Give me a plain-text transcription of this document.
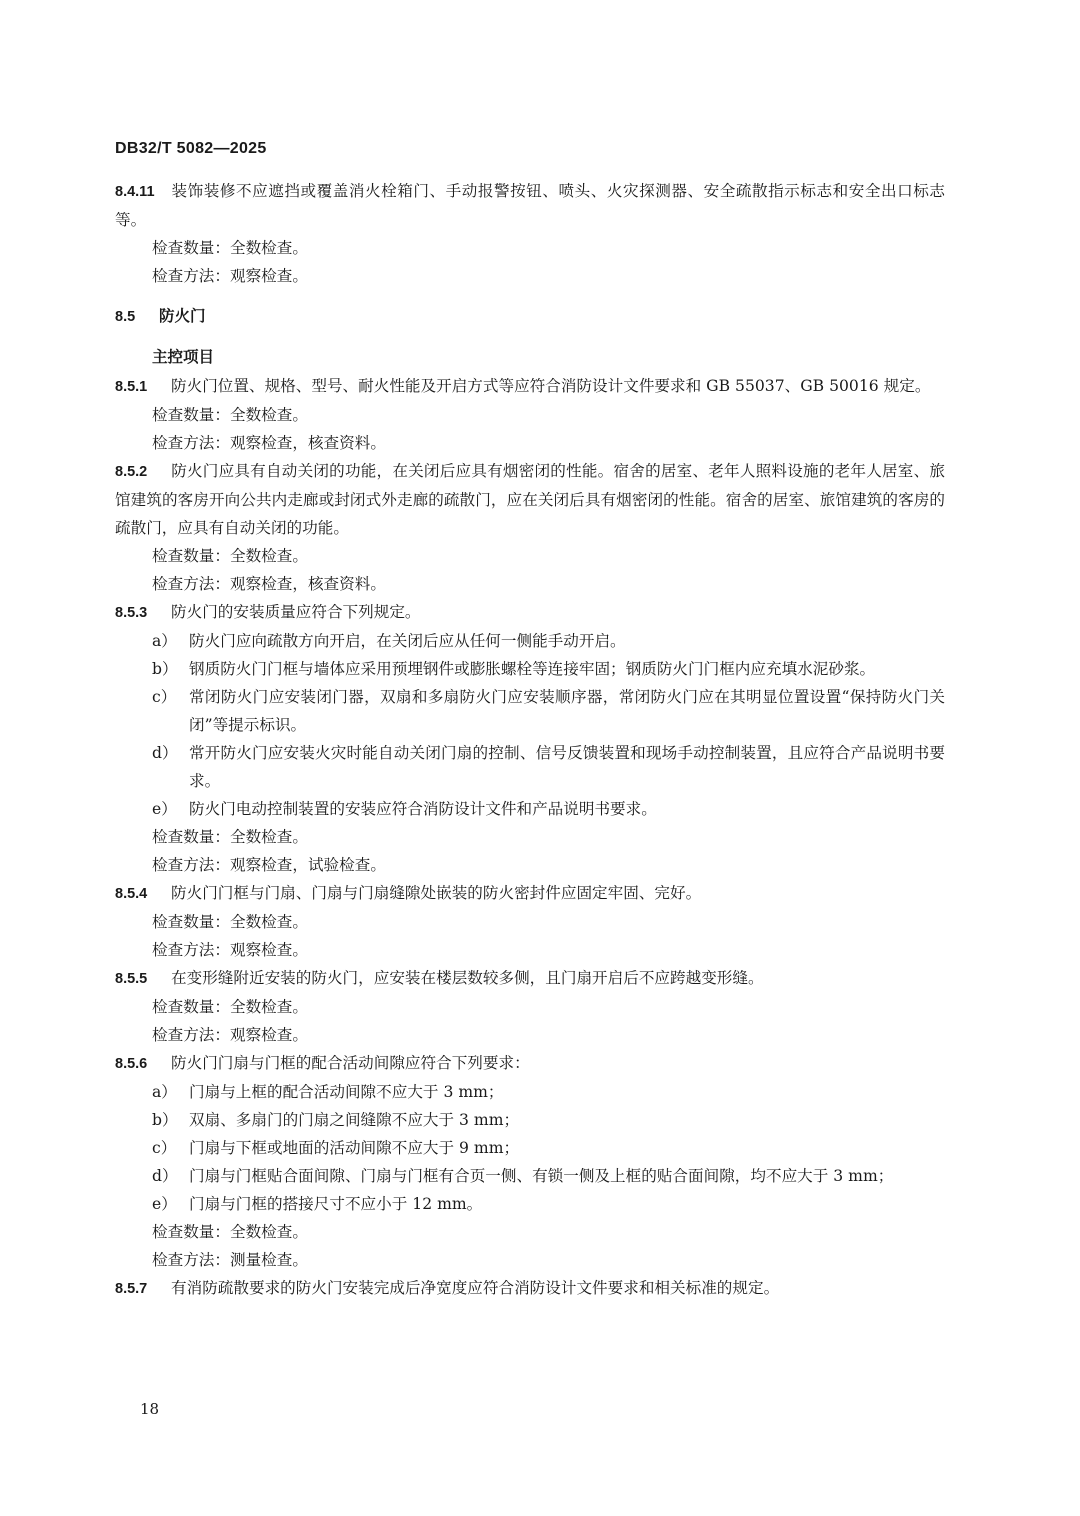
DB32/T 5082—2025

8.4.11 装饰装修不应遮挡或覆盖消火栓箱门、手动报警按钮、喷头、火灾探测器、安全疏散指示标志和安全出口标志等。

检查数量：全数检查。

检查方法：观察检查。

8.5 防火门

主控项目

8.5.1 防火门位置、规格、型号、耐火性能及开启方式等应符合消防设计文件要求和 GB 55037、GB 50016 规定。

检查数量：全数检查。

检查方法：观察检查，核查资料。

8.5.2 防火门应具有自动关闭的功能，在关闭后应具有烟密闭的性能。宿舍的居室、老年人照料设施的老年人居室、旅馆建筑的客房开向公共内走廊或封闭式外走廊的疏散门，应在关闭后具有烟密闭的性能。宿舍的居室、旅馆建筑的客房的疏散门，应具有自动关闭的功能。

检查数量：全数检查。

检查方法：观察检查，核查资料。

8.5.3 防火门的安装质量应符合下列规定。

a） 防火门应向疏散方向开启，在关闭后应从任何一侧能手动开启。
b） 钢质防火门门框与墙体应采用预埋钢件或膨胀螺栓等连接牢固；钢质防火门门框内应充填水泥砂浆。
c） 常闭防火门应安装闭门器，双扇和多扇防火门应安装顺序器，常闭防火门应在其明显位置设置“保持防火门关闭”等提示标识。
d） 常开防火门应安装火灾时能自动关闭门扇的控制、信号反馈装置和现场手动控制装置，且应符合产品说明书要求。
e） 防火门电动控制装置的安装应符合消防设计文件和产品说明书要求。

检查数量：全数检查。

检查方法：观察检查，试验检查。

8.5.4 防火门门框与门扇、门扇与门扇缝隙处嵌装的防火密封件应固定牢固、完好。

检查数量：全数检查。

检查方法：观察检查。

8.5.5 在变形缝附近安装的防火门，应安装在楼层数较多侧，且门扇开启后不应跨越变形缝。

检查数量：全数检查。

检查方法：观察检查。

8.5.6 防火门门扇与门框的配合活动间隙应符合下列要求：

a） 门扇与上框的配合活动间隙不应大于 3 mm；
b） 双扇、多扇门的门扇之间缝隙不应大于 3 mm；
c） 门扇与下框或地面的活动间隙不应大于 9 mm；
d） 门扇与门框贴合面间隙、门扇与门框有合页一侧、有锁一侧及上框的贴合面间隙，均不应大于 3 mm；
e） 门扇与门框的搭接尺寸不应小于 12 mm。

检查数量：全数检查。

检查方法：测量检查。

8.5.7 有消防疏散要求的防火门安装完成后净宽度应符合消防设计文件要求和相关标准的规定。

18
